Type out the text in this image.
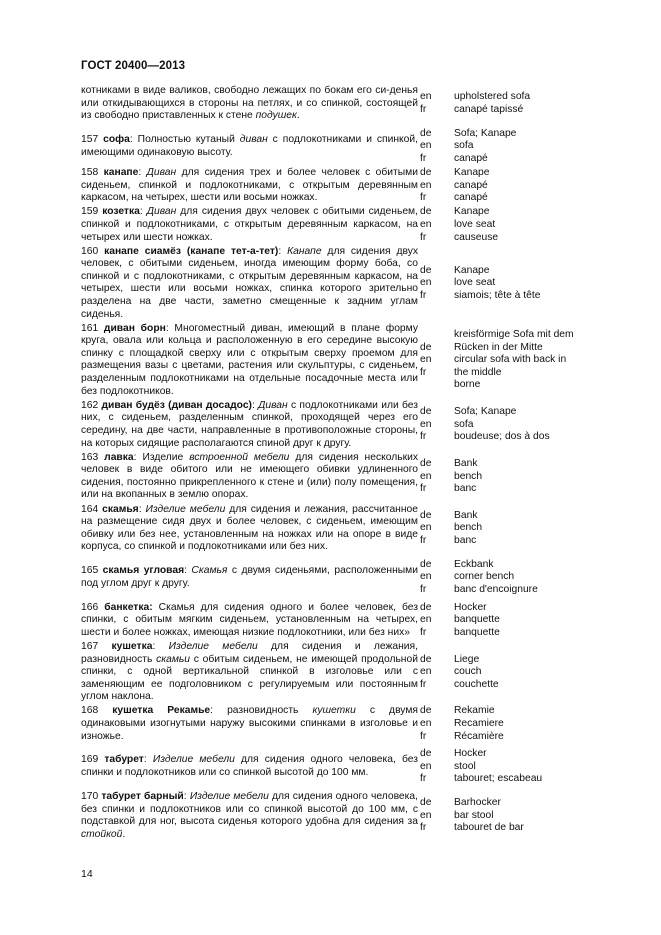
ГОСТ 20400—2013
котниками в виде валиков, свободно лежащих по бокам его си-денья или откидывающихся в стороны на петлях, и со спинкой, состоящей из свободно приставленных к стене подушек.
en
fr
upholstered sofa
canapé tapissé
157 софа: Полностью кутаный диван с подлокотниками и спинкой, имеющими одинаковую высоту.
de
en
fr
Sofa; Kanape
sofa
canapé
158 канапе: Диван для сидения трех и более человек с обитыми сиденьем, спинкой и подлокотниками, с открытым деревянным каркасом, на четырех, шести или восьми ножках.
de
en
fr
Kanape
canapé
canapé
159 козетка: Диван для сидения двух человек с обитыми сиденьем, спинкой и подлокотниками, с открытым деревянным каркасом, на четырех или шести ножках.
de
en
fr
Kanape
love seat
causeuse
160 канапе сиамёз (канапе тет-а-тет): Канапе для сидения двух человек, с обитыми сиденьем, иногда имеющим форму боба, со спинкой и с подлокотниками, с открытым деревянным каркасом, на четырех, шести или восьми ножках, спинка которого зрительно разделена на две части, заметно смещенные к задним углам сиденья.
de
en
fr
Kanape
love seat
siamois; tête à tête
161 диван борн: Многоместный диван, имеющий в плане форму круга, овала или кольца и расположенную в его середине высокую спинку с площадкой сверху или с открытым сверху проемом для размещения вазы с цветами, растения или скульптуры, с сиденьем, разделенным подлокотниками на отдельные посадочные места или без подлокотников.
de
en
fr
kreisförmige Sofa mit dem Rücken in der Mitte
circular sofa with back in the middle
borne
162 диван будёз (диван досадос): Диван с подлокотниками или без них, с сиденьем, разделенным спинкой, проходящей через его середину, на две части, направленные в противоположные стороны, на которых сидящие располагаются спиной друг к другу.
de
en
fr
Sofa; Kanape
sofa
boudeuse; dos à dos
163 лавка: Изделие встроенной мебели для сидения нескольких человек в виде обитого или не имеющего обивки удлиненного сидения, постоянно прикрепленного к стене и (или) полу помещения, или на вкопанных в землю опорах.
de
en
fr
Bank
bench
banc
164 скамья: Изделие мебели для сидения и лежания, рассчитанное на размещение сидя двух и более человек, с сиденьем, имеющим обивку или без нее, установленным на ножках или на опоре в виде корпуса, со спинкой и подлокотниками или без них.
de
en
fr
Bank
bench
banc
165 скамья угловая: Скамья с двумя сиденьями, расположенными под углом друг к другу.
de
en
fr
Eckbank
corner bench
banc d'encoignure
166 банкетка: Скамья для сидения одного и более человек, без спинки, с обитым мягким сиденьем, установленным на четырех, шести и более ножках, имеющая низкие подлокотники, или без них»
de
en
fr
Hocker
banquette
banquette
167 кушетка: Изделие мебели для сидения и лежания, разновидность скамьи с обитым сиденьем, не имеющей продольной спинки, с одной вертикальной спинкой в изголовье или с заменяющим ее подголовником с регулируемым или постоянным углом наклона.
de
en
fr
Liege
couch
couchette
168 кушетка Рекамье: разновидность кушетки с двумя одинаковыми изогнутыми наружу высокими спинками в изголовье и изножье.
de
en
fr
Rekamie
Recamiere
Récamière
169 табурет: Изделие мебели для сидения одного человека, без спинки и подлокотников или со спинкой высотой до 100 мм.
de
en
fr
Hocker
stool
tabouret; escabeau
170 табурет барный: Изделие мебели для сидения одного человека, без спинки и подлокотников или со спинкой высотой до 100 мм, с подставкой для ног, высота сиденья которого удобна для сидения за стойкой.
de
en
fr
Barhocker
bar stool
tabouret de bar
14
